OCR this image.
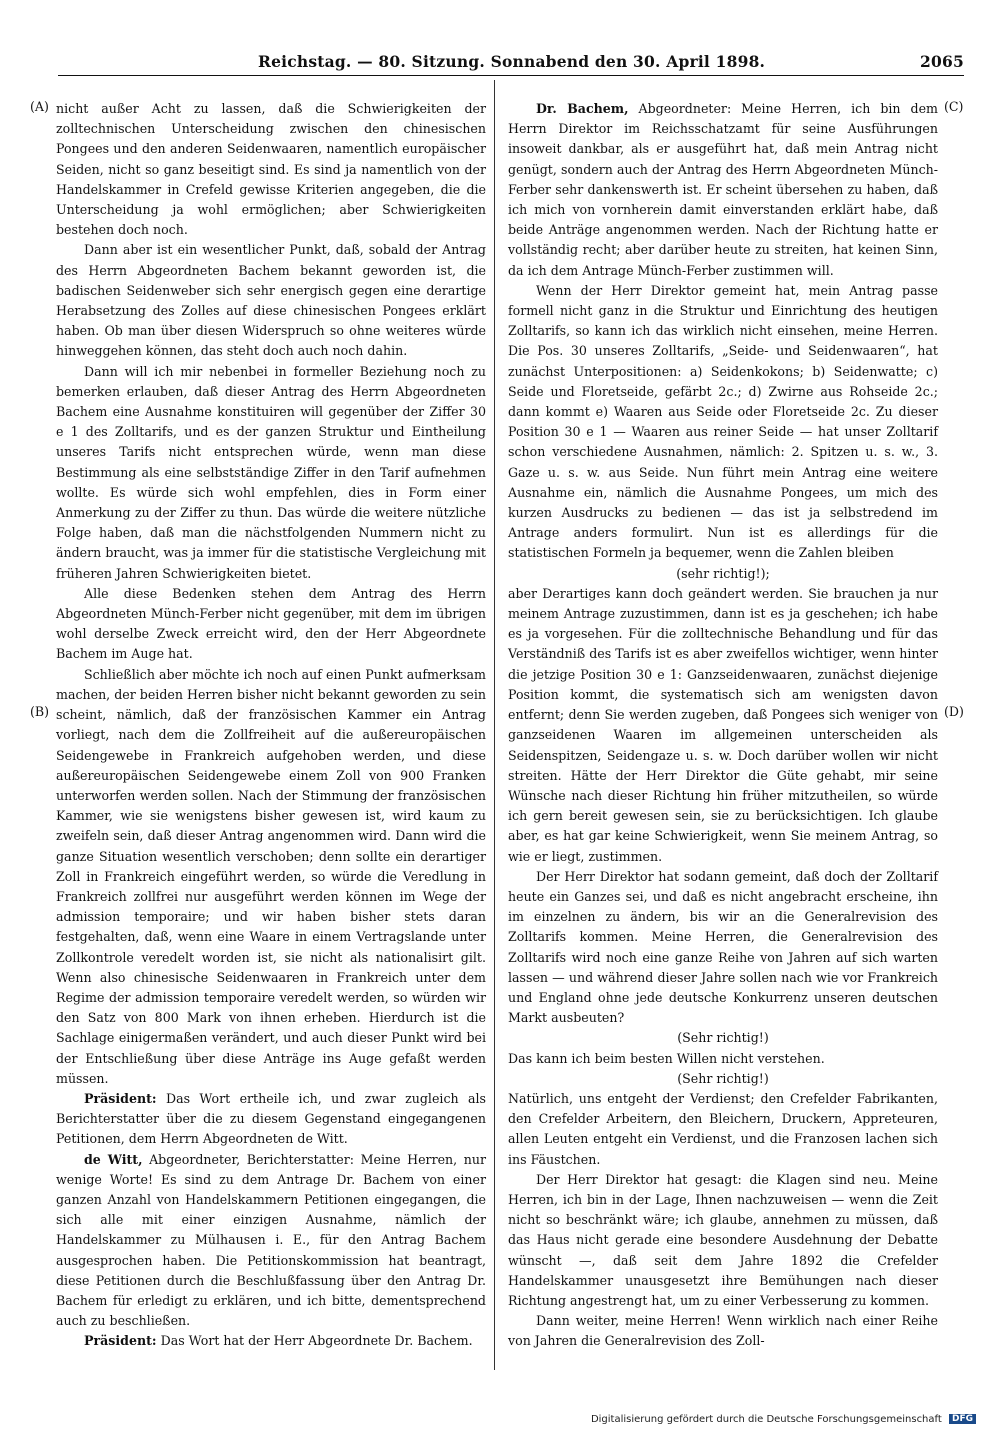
Reichstag. — 80. Sitzung. Sonnabend den 30. April 1898.	2065
(A)
(B)
(C)
(D)

nicht außer Acht zu lassen, daß die Schwierigkeiten der zolltechnischen Unterscheidung zwischen den chinesischen Pongees und den anderen Seidenwaaren, namentlich europäischer Seiden, nicht so ganz beseitigt sind. Es sind ja namentlich von der Handelskammer in Crefeld gewisse Kriterien angegeben, die die Unterscheidung ja wohl ermöglichen; aber Schwierigkeiten bestehen doch noch.

Dann aber ist ein wesentlicher Punkt, daß, sobald der Antrag des Herrn Abgeordneten Bachem bekannt geworden ist, die badischen Seidenweber sich sehr energisch gegen eine derartige Herabsetzung des Zolles auf diese chinesischen Pongees erklärt haben. Ob man über diesen Widerspruch so ohne weiteres würde hinweggehen können, das steht doch auch noch dahin.

Dann will ich mir nebenbei in formeller Beziehung noch zu bemerken erlauben, daß dieser Antrag des Herrn Abgeordneten Bachem eine Ausnahme konstituiren will gegenüber der Ziffer 30 e 1 des Zolltarifs, und es der ganzen Struktur und Eintheilung unseres Tarifs nicht entsprechen würde, wenn man diese Bestimmung als eine selbstständige Ziffer in den Tarif aufnehmen wollte. Es würde sich wohl empfehlen, dies in Form einer Anmerkung zu der Ziffer zu thun. Das würde die weitere nützliche Folge haben, daß man die nächstfolgenden Nummern nicht zu ändern braucht, was ja immer für die statistische Vergleichung mit früheren Jahren Schwierigkeiten bietet.

Alle diese Bedenken stehen dem Antrag des Herrn Abgeordneten Münch-Ferber nicht gegenüber, mit dem im übrigen wohl derselbe Zweck erreicht wird, den der Herr Abgeordnete Bachem im Auge hat.

Schließlich aber möchte ich noch auf einen Punkt aufmerksam machen, der beiden Herren bisher nicht bekannt geworden zu sein scheint, nämlich, daß der französischen Kammer ein Antrag vorliegt, nach dem die Zollfreiheit auf die außereuropäischen Seidengewebe in Frankreich aufgehoben werden, und diese außereuropäischen Seidengewebe einem Zoll von 900 Franken unterworfen werden sollen. Nach der Stimmung der französischen Kammer, wie sie wenigstens bisher gewesen ist, wird kaum zu zweifeln sein, daß dieser Antrag angenommen wird. Dann wird die ganze Situation wesentlich verschoben; denn sollte ein derartiger Zoll in Frankreich eingeführt werden, so würde die Veredlung in Frankreich zollfrei nur ausgeführt werden können im Wege der admission temporaire; und wir haben bisher stets daran festgehalten, daß, wenn eine Waare in einem Vertragslande unter Zollkontrole veredelt worden ist, sie nicht als nationalisirt gilt. Wenn also chinesische Seidenwaaren in Frankreich unter dem Regime der admission temporaire veredelt werden, so würden wir den Satz von 800 Mark von ihnen erheben. Hierdurch ist die Sachlage einigermaßen verändert, und auch dieser Punkt wird bei der Entschließung über diese Anträge ins Auge gefaßt werden müssen.

Präsident: Das Wort ertheile ich, und zwar zugleich als Berichterstatter über die zu diesem Gegenstand eingegangenen Petitionen, dem Herrn Abgeordneten de Witt.

de Witt, Abgeordneter, Berichterstatter: Meine Herren, nur wenige Worte! Es sind zu dem Antrage Dr. Bachem von einer ganzen Anzahl von Handelskammern Petitionen eingegangen, die sich alle mit einer einzigen Ausnahme, nämlich der Handelskammer zu Mülhausen i. E., für den Antrag Bachem ausgesprochen haben. Die Petitionskommission hat beantragt, diese Petitionen durch die Beschlußfassung über den Antrag Dr. Bachem für erledigt zu erklären, und ich bitte, dementsprechend auch zu beschließen.

Präsident: Das Wort hat der Herr Abgeordnete Dr. Bachem.

Dr. Bachem, Abgeordneter: Meine Herren, ich bin dem Herrn Direktor im Reichsschatzamt für seine Ausführungen insoweit dankbar, als er ausgeführt hat, daß mein Antrag nicht genügt, sondern auch der Antrag des Herrn Abgeordneten Münch-Ferber sehr dankenswerth ist. Er scheint übersehen zu haben, daß ich mich von vornherein damit einverstanden erklärt habe, daß beide Anträge angenommen werden. Nach der Richtung hatte er vollständig recht; aber darüber heute zu streiten, hat keinen Sinn, da ich dem Antrage Münch-Ferber zustimmen will.

Wenn der Herr Direktor gemeint hat, mein Antrag passe formell nicht ganz in die Struktur und Einrichtung des heutigen Zolltarifs, so kann ich das wirklich nicht einsehen, meine Herren. Die Pos. 30 unseres Zolltarifs, „Seide- und Seidenwaaren“, hat zunächst Unterpositionen: a) Seidenkokons; b) Seidenwatte; c) Seide und Floretseide, gefärbt 2c.; d) Zwirne aus Rohseide 2c.; dann kommt e) Waaren aus Seide oder Floretseide 2c. Zu dieser Position 30 e 1 — Waaren aus reiner Seide — hat unser Zolltarif schon verschiedene Ausnahmen, nämlich: 2. Spitzen u. s. w., 3. Gaze u. s. w. aus Seide. Nun führt mein Antrag eine weitere Ausnahme ein, nämlich die Ausnahme Pongees, um mich des kurzen Ausdrucks zu bedienen — das ist ja selbstredend im Antrage anders formulirt. Nun ist es allerdings für die statistischen Formeln ja bequemer, wenn die Zahlen bleiben

(sehr richtig!);

aber Derartiges kann doch geändert werden. Sie brauchen ja nur meinem Antrage zuzustimmen, dann ist es ja geschehen; ich habe es ja vorgesehen. Für die zolltechnische Behandlung und für das Verständniß des Tarifs ist es aber zweifellos wichtiger, wenn hinter die jetzige Position 30 e 1: Ganzseidenwaaren, zunächst diejenige Position kommt, die systematisch sich am wenigsten davon entfernt; denn Sie werden zugeben, daß Pongees sich weniger von ganzseidenen Waaren im allgemeinen unterscheiden als Seidenspitzen, Seidengaze u. s. w. Doch darüber wollen wir nicht streiten. Hätte der Herr Direktor die Güte gehabt, mir seine Wünsche nach dieser Richtung hin früher mitzutheilen, so würde ich gern bereit gewesen sein, sie zu berücksichtigen. Ich glaube aber, es hat gar keine Schwierigkeit, wenn Sie meinem Antrag, so wie er liegt, zustimmen.

Der Herr Direktor hat sodann gemeint, daß doch der Zolltarif heute ein Ganzes sei, und daß es nicht angebracht erscheine, ihn im einzelnen zu ändern, bis wir an die Generalrevision des Zolltarifs kommen. Meine Herren, die Generalrevision des Zolltarifs wird noch eine ganze Reihe von Jahren auf sich warten lassen — und während dieser Jahre sollen nach wie vor Frankreich und England ohne jede deutsche Konkurrenz unseren deutschen Markt ausbeuten?

(Sehr richtig!)

Das kann ich beim besten Willen nicht verstehen.

(Sehr richtig!)

Natürlich, uns entgeht der Verdienst; den Crefelder Fabrikanten, den Crefelder Arbeitern, den Bleichern, Druckern, Appreteuren, allen Leuten entgeht ein Verdienst, und die Franzosen lachen sich ins Fäustchen.

Der Herr Direktor hat gesagt: die Klagen sind neu. Meine Herren, ich bin in der Lage, Ihnen nachzuweisen — wenn die Zeit nicht so beschränkt wäre; ich glaube, annehmen zu müssen, daß das Haus nicht gerade eine besondere Ausdehnung der Debatte wünscht —, daß seit dem Jahre 1892 die Crefelder Handelskammer unausgesetzt ihre Bemühungen nach dieser Richtung angestrengt hat, um zu einer Verbesserung zu kommen.

Dann weiter, meine Herren! Wenn wirklich nach einer Reihe von Jahren die Generalrevision des Zoll-

Digitalisierung gefördert durch die Deutsche Forschungsgemeinschaft DFG
